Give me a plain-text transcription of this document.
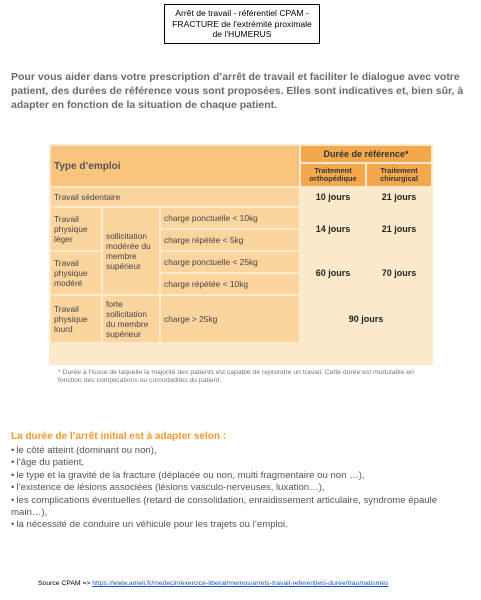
Arrêt de travail - référentiel CPAM - FRACTURE de l'extrémité proximale de l'HUMERUS
Pour vous aider dans votre prescription d’arrêt de travail et faciliter le dialogue avec votre patient, des durées de référence vous sont proposées. Elles sont indicatives et, bien sûr, à adapter en fonction de la situation de chaque patient.
Type d’emploi			Durée de référence*	
			Traitement orthopédique	Traitement chirurgical
Travail sédentaire			10 jours	21 jours
Travail physique léger	sollicitation modérée du membre supérieur	charge ponctuelle < 10kg	14 jours	21 jours
		charge répétée < 5kg		
Travail physique modéré		charge ponctuelle < 25kg	60 jours	70 jours
		charge répétée < 10kg		
Travail physique lourd	forte sollicitation du membre supérieur	charge > 25kg	90 jours	
* Durée à l’issue de laquelle la majorité des patients est capable de reprendre un travail. Cette durée est modulable en fonction des complications ou comorbidités du patient.
La durée de l’arrêt initial est à adapter selon :
• le côté atteint (dominant ou non),
• l’âge du patient,
• le type et la gravité de la fracture (déplacée ou non, multi fragmentaire ou non …),
• l’existence de lésions associées (lésions vasculo-nerveuses, luxation…),
• les complications éventuelles (retard de consolidation, enraidissement articulaire, syndrome épaule main…),
• la nécessité de conduire un véhicule pour les trajets ou l’emploi.
Source CPAM => https://www.ameli.fr/medecin/exercice-liberal/memos/arrets-travail-referentiels-duree/traumatismes
